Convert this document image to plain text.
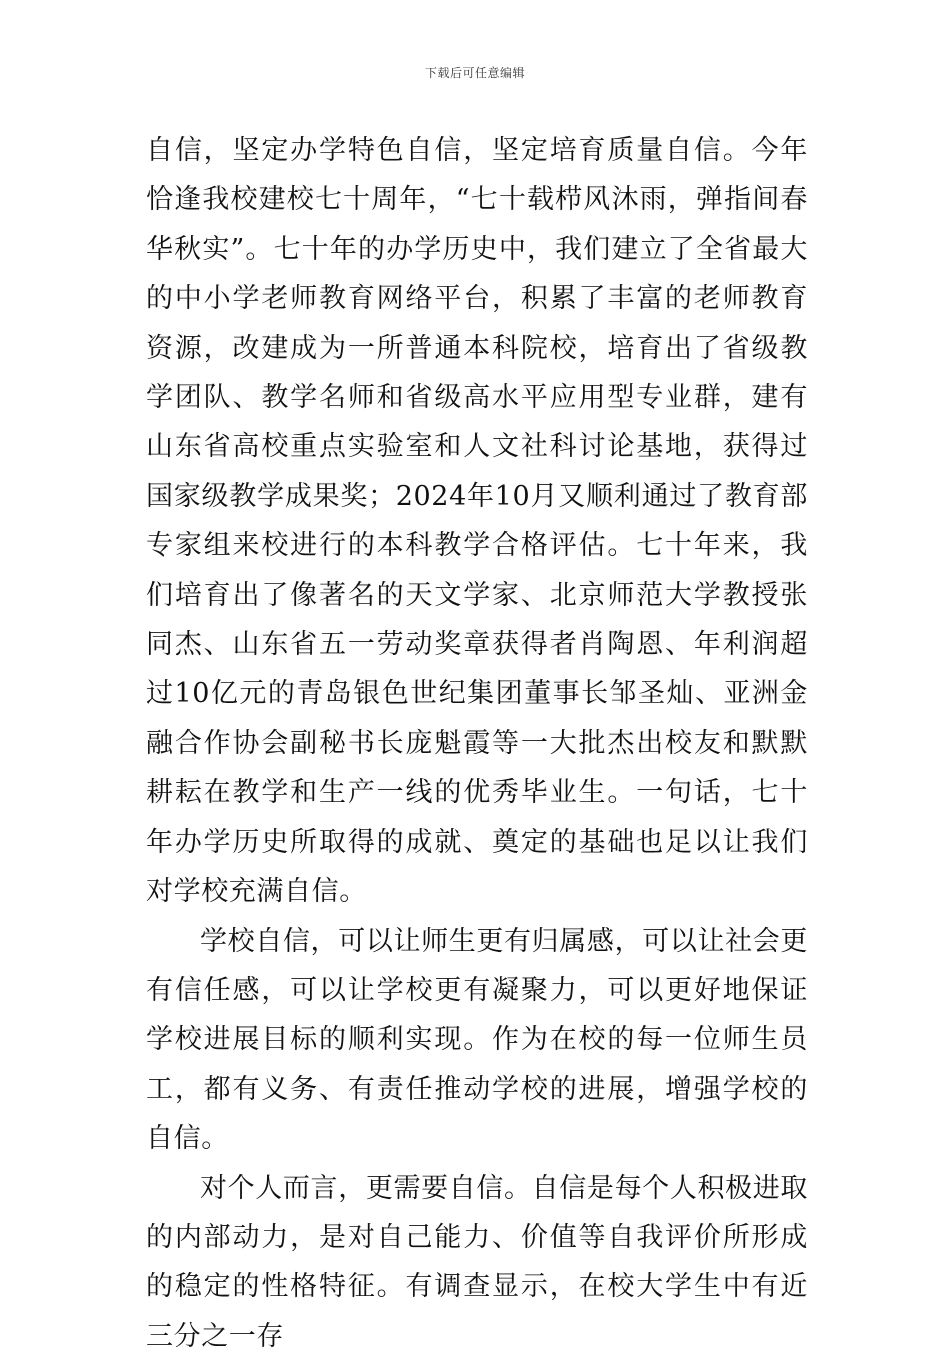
下载后可任意编辑

自信，坚定办学特色自信，坚定培育质量自信。今年恰逢我校建校七十周年，“七十载栉风沐雨，弹指间春华秋实”。七十年的办学历史中，我们建立了全省最大的中小学老师教育网络平台，积累了丰富的老师教育资源，改建成为一所普通本科院校，培育出了省级教学团队、教学名师和省级高水平应用型专业群，建有山东省高校重点实验室和人文社科讨论基地，获得过国家级教学成果奖；2024年10月又顺利通过了教育部专家组来校进行的本科教学合格评估。七十年来，我们培育出了像著名的天文学家、北京师范大学教授张同杰、山东省五一劳动奖章获得者肖陶恩、年利润超过10亿元的青岛银色世纪集团董事长邹圣灿、亚洲金融合作协会副秘书长庞魁霞等一大批杰出校友和默默耕耘在教学和生产一线的优秀毕业生。一句话，七十年办学历史所取得的成就、奠定的基础也足以让我们对学校充满自信。

学校自信，可以让师生更有归属感，可以让社会更有信任感，可以让学校更有凝聚力，可以更好地保证学校进展目标的顺利实现。作为在校的每一位师生员工，都有义务、有责任推动学校的进展，增强学校的自信。

对个人而言，更需要自信。自信是每个人积极进取的内部动力，是对自己能力、价值等自我评价所形成的稳定的性格特征。有调查显示，在校大学生中有近三分之一存
